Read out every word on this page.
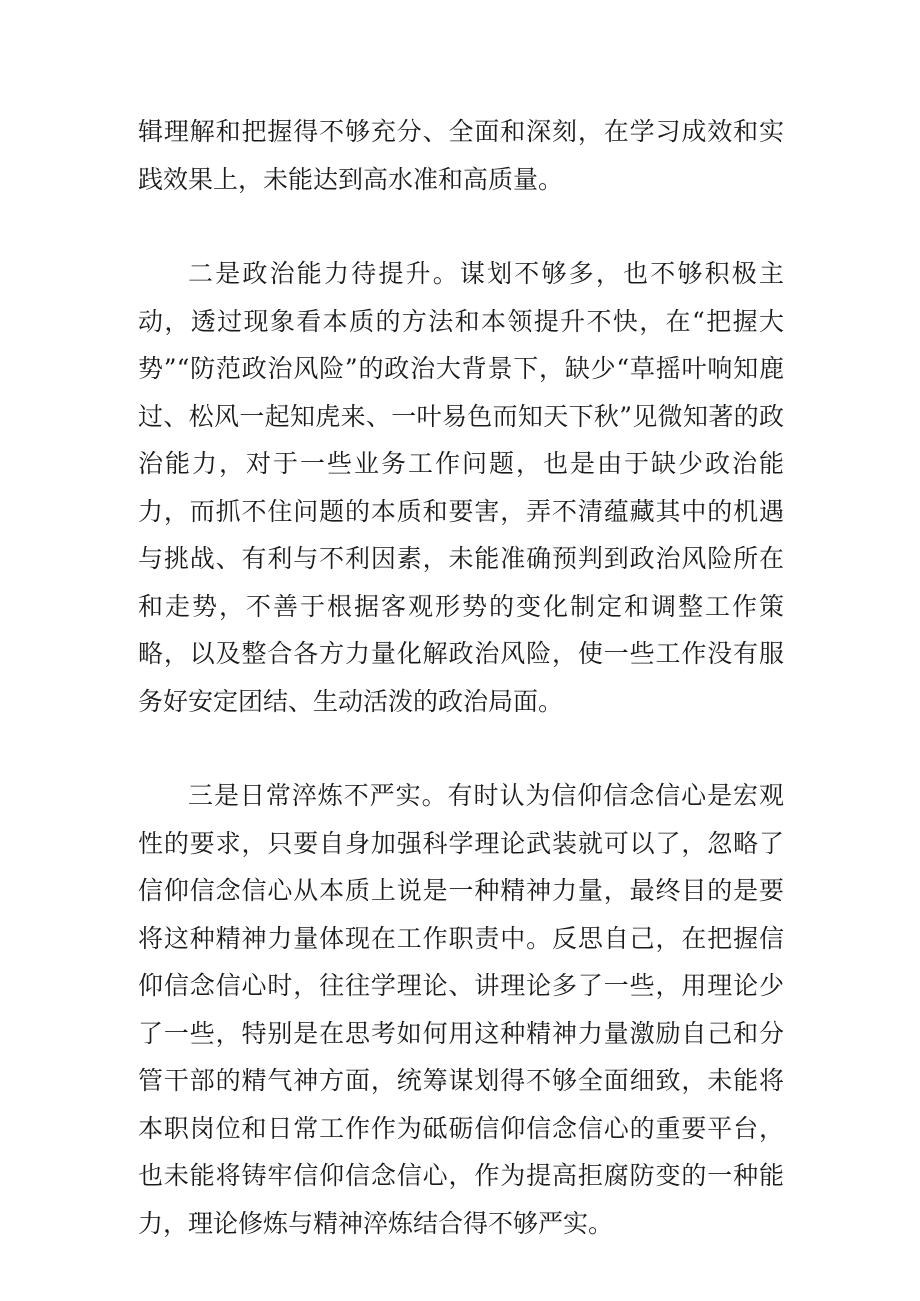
辑理解和把握得不够充分、全面和深刻，在学习成效和实践效果上，未能达到高水准和高质量。

二是政治能力待提升。谋划不够多，也不够积极主动，透过现象看本质的方法和本领提升不快，在“把握大势”“防范政治风险”的政治大背景下，缺少“草摇叶响知鹿过、松风一起知虎来、一叶易色而知天下秋”见微知著的政治能力，对于一些业务工作问题，也是由于缺少政治能力，而抓不住问题的本质和要害，弄不清蕴藏其中的机遇与挑战、有利与不利因素，未能准确预判到政治风险所在和走势，不善于根据客观形势的变化制定和调整工作策略，以及整合各方力量化解政治风险，使一些工作没有服务好安定团结、生动活泼的政治局面。

三是日常淬炼不严实。有时认为信仰信念信心是宏观性的要求，只要自身加强科学理论武装就可以了，忽略了信仰信念信心从本质上说是一种精神力量，最终目的是要将这种精神力量体现在工作职责中。反思自己，在把握信仰信念信心时，往往学理论、讲理论多了一些，用理论少了一些，特别是在思考如何用这种精神力量激励自己和分管干部的精气神方面，统筹谋划得不够全面细致，未能将本职岗位和日常工作作为砥砺信仰信念信心的重要平台，也未能将铸牢信仰信念信心，作为提高拒腐防变的一种能力，理论修炼与精神淬炼结合得不够严实。
